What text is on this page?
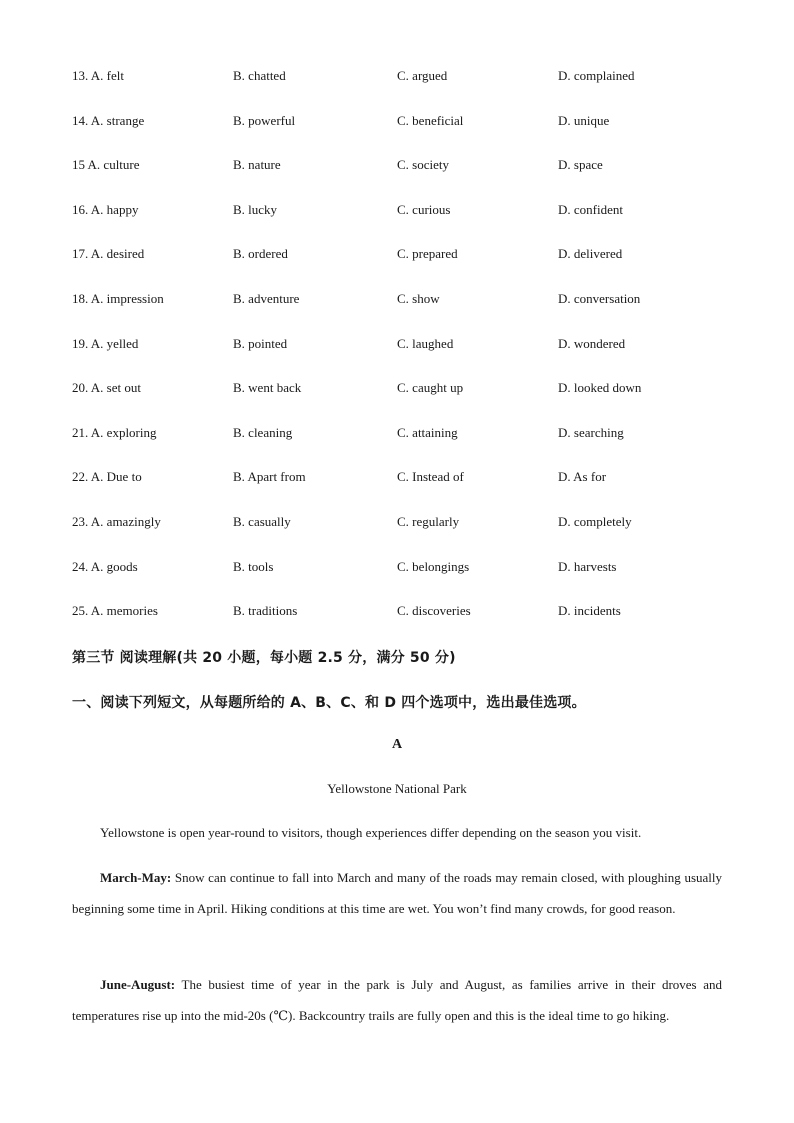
13. A. felt	B. chatted	C. argued	D. complained
14. A. strange	B. powerful	C. beneficial	D. unique
15 A. culture	B. nature	C. society	D. space
16. A. happy	B. lucky	C. curious	D. confident
17. A. desired	B. ordered	C. prepared	D. delivered
18. A. impression	B. adventure	C. show	D. conversation
19. A. yelled	B. pointed	C. laughed	D. wondered
20. A. set out	B. went back	C. caught up	D. looked down
21. A. exploring	B. cleaning	C. attaining	D. searching
22. A. Due to	B. Apart from	C. Instead of	D. As for
23. A. amazingly	B. casually	C. regularly	D. completely
24. A. goods	B. tools	C. belongings	D. harvests
25. A. memories	B. traditions	C. discoveries	D. incidents
第三节 阅读理解(共 20 小题，每小题 2.5 分，满分 50 分)
一、阅读下列短文，从每题所给的 A、B、C、和 D 四个选项中，选出最佳选项。
A
Yellowstone National Park
Yellowstone is open year-round to visitors, though experiences differ depending on the season you visit.
March-May: Snow can continue to fall into March and many of the roads may remain closed, with ploughing usually beginning some time in April. Hiking conditions at this time are wet. You won’t find many crowds, for good reason.
June-August: The busiest time of year in the park is July and August, as families arrive in their droves and temperatures rise up into the mid-20s (℃). Backcountry trails are fully open and this is the ideal time to go hiking.
